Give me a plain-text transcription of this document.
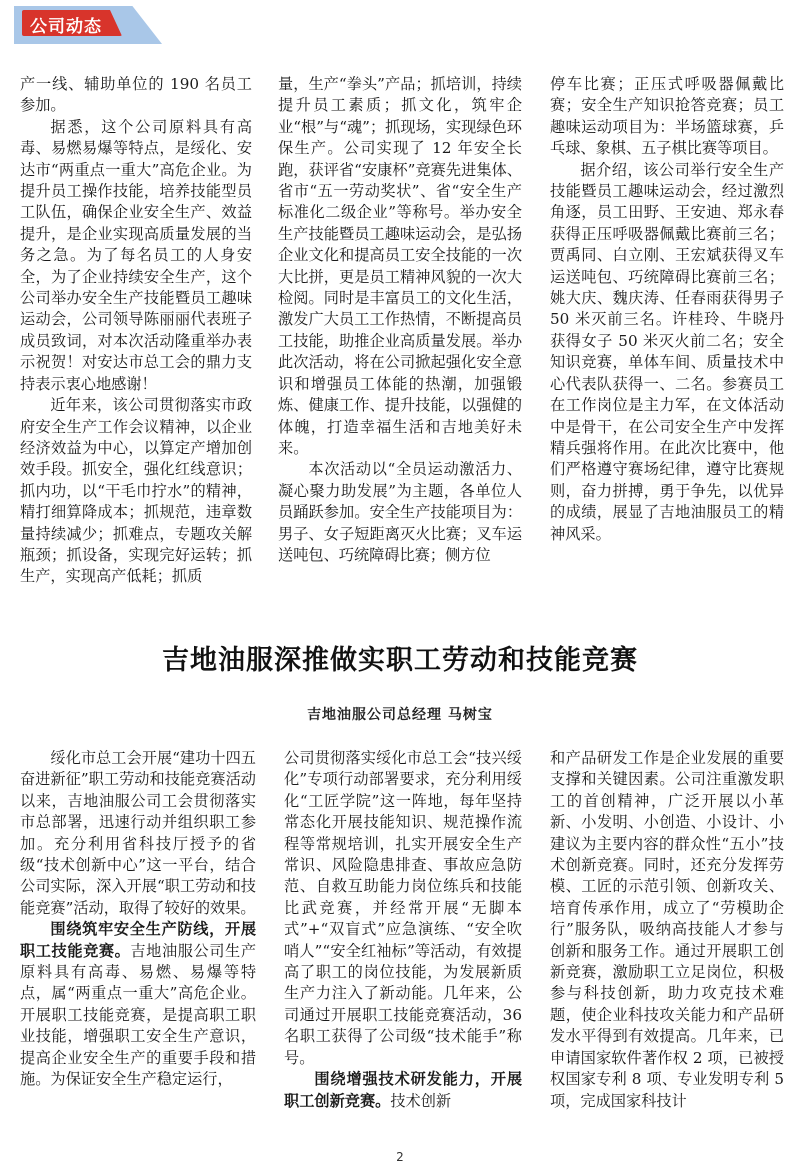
公司动态

产一线、辅助单位的 190 名员工参加。

据悉，这个公司原料具有高毒、易燃易爆等特点，是绥化、安达市“两重点一重大”高危企业。为提升员工操作技能，培养技能型员工队伍，确保企业安全生产、效益提升，是企业实现高质量发展的当务之急。为了每名员工的人身安全，为了企业持续安全生产，这个公司举办安全生产技能暨员工趣味运动会，公司领导陈丽丽代表班子成员致词，对本次活动隆重举办表示祝贺！对安达市总工会的鼎力支持表示衷心地感谢！

近年来，该公司贯彻落实市政府安全生产工作会议精神，以企业经济效益为中心，以算定产增加创效手段。抓安全，强化红线意识；抓内功，以“干毛巾拧水”的精神，精打细算降成本；抓规范，违章数量持续减少；抓难点，专题攻关解瓶颈；抓设备，实现完好运转；抓生产，实现高产低耗；抓质

量，生产“拳头”产品；抓培训，持续提升员工素质；抓文化，筑牢企业“根”与“魂”；抓现场，实现绿色环保生产。公司实现了 12 年安全长跑，获评省“安康杯”竞赛先进集体、省市“五一劳动奖状”、省“安全生产标准化二级企业”等称号。举办安全生产技能暨员工趣味运动会，是弘扬企业文化和提高员工安全技能的一次大比拼，更是员工精神风貌的一次大检阅。同时是丰富员工的文化生活，激发广大员工工作热情，不断提高员工技能，助推企业高质量发展。举办此次活动，将在公司掀起强化安全意识和增强员工体能的热潮，加强锻炼、健康工作、提升技能，以强健的体魄，打造幸福生活和吉地美好未来。

本次活动以“全员运动激活力、凝心聚力助发展”为主题，各单位人员踊跃参加。安全生产技能项目为：男子、女子短距离灭火比赛；叉车运送吨包、巧统障碍比赛；侧方位

停车比赛；正压式呼吸器佩戴比赛；安全生产知识抢答竞赛；员工趣味运动项目为：半场篮球赛，乒乓球、象棋、五子棋比赛等项目。

据介绍，该公司举行安全生产技能暨员工趣味运动会，经过激烈角逐，员工田野、王安迪、郑永春获得正压呼吸器佩戴比赛前三名；贾禹同、白立刚、王宏斌获得叉车运送吨包、巧统障碍比赛前三名；姚大庆、魏庆涛、任春雨获得男子 50 米灭前三名。许桂玲、牛晓丹获得女子 50 米灭火前二名；安全知识竞赛，单体车间、质量技术中心代表队获得一、二名。参赛员工在工作岗位是主力军，在文体活动中是骨干，在公司安全生产中发挥精兵强将作用。在此次比赛中，他们严格遵守赛场纪律，遵守比赛规则，奋力拼搏，勇于争先，以优异的成绩，展显了吉地油服员工的精神风采。

吉地油服深推做实职工劳动和技能竞赛
吉地油服公司总经理 马树宝

绥化市总工会开展“建功十四五 奋进新征”职工劳动和技能竞赛活动以来，吉地油服公司工会贯彻落实市总部署，迅速行动并组织职工参加。充分利用省科技厅授予的省级“技术创新中心”这一平台，结合公司实际，深入开展“职工劳动和技能竞赛”活动，取得了较好的效果。

围绕筑牢安全生产防线，开展职工技能竞赛。吉地油服公司生产原料具有高毒、易燃、易爆等特点，属“两重点一重大”高危企业。开展职工技能竞赛，是提高职工职业技能，增强职工安全生产意识，提高企业安全生产的重要手段和措施。为保证安全生产稳定运行，

公司贯彻落实绥化市总工会“技兴绥化”专项行动部署要求，充分利用绥化“工匠学院”这一阵地，每年坚持常态化开展技能知识、规范操作流程等常规培训，扎实开展安全生产常识、风险隐患排查、事故应急防范、自救互助能力岗位练兵和技能比武竞赛，并经常开展“无脚本式”+“双盲式”应急演练、“安全吹哨人”“安全红袖标”等活动，有效提高了职工的岗位技能，为发展新质生产力注入了新动能。几年来，公司通过开展职工技能竞赛活动，36 名职工获得了公司级“技术能手”称号。

围绕增强技术研发能力，开展职工创新竞赛。技术创新

和产品研发工作是企业发展的重要支撑和关键因素。公司注重激发职工的首创精神，广泛开展以小革新、小发明、小创造、小设计、小建议为主要内容的群众性“五小”技术创新竞赛。同时，还充分发挥劳模、工匠的示范引领、创新攻关、培育传承作用，成立了“劳模助企行”服务队，吸纳高技能人才参与创新和服务工作。通过开展职工创新竞赛，激励职工立足岗位，积极参与科技创新，助力攻克技术难题，使企业科技攻关能力和产品研发水平得到有效提高。几年来，已申请国家软件著作权 2 项，已被授权国家专利 8 项、专业发明专利 5 项，完成国家科技计

2
